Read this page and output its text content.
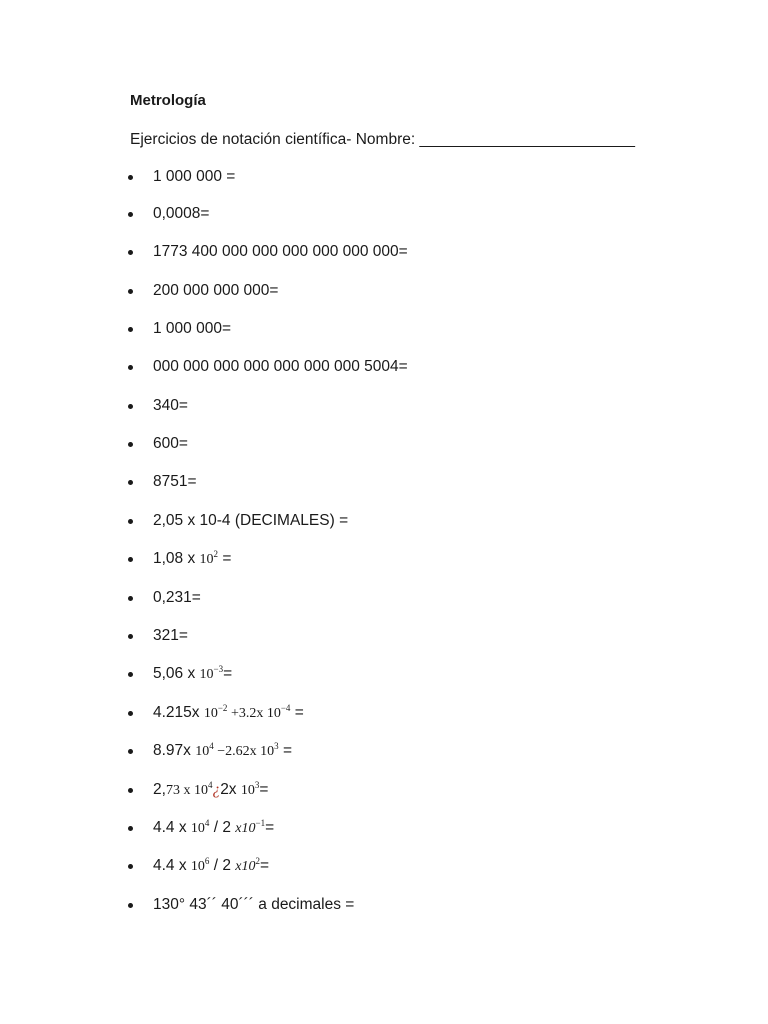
Metrología
Ejercicios de notación científica- Nombre: _________________________
1 000 000 =
0,0008=
1773 400 000 000 000 000 000 000=
200 000 000 000=
1 000 000=
000 000 000 000 000 000 000 5004=
340=
600=
8751=
2,05 x 10-4 (DECIMALES) =
1,08 x $10^2$ =
0,231=
321=
5,06 x $10^{-3}=$
4.215x $10^{-2} +3.2x$ $10^{-4}$ =
8.97x $10^4 -2.62x$ $10^3$ =
2,73 x $10^4¿2x$ $10^3=$
4.4 x $10^4 / 2$ $x10^{-1}=$
4.4 x $10^6 / 2$ $x10^2=$
130° 43´´ 40´´´ a decimales =
